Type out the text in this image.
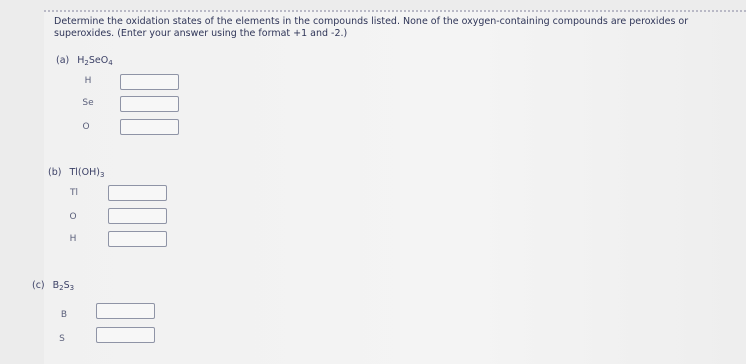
Determine the oxidation states of the elements in the compounds listed. None of the oxygen-containing compounds are peroxides or
superoxides. (Enter your answer using the format +1 and -2.)
(a) $H_2SeO_4$
H
Se
O
(b) $Tl(OH)_3$
Tl
O
H
(c) $B_2S_3$
B
S
